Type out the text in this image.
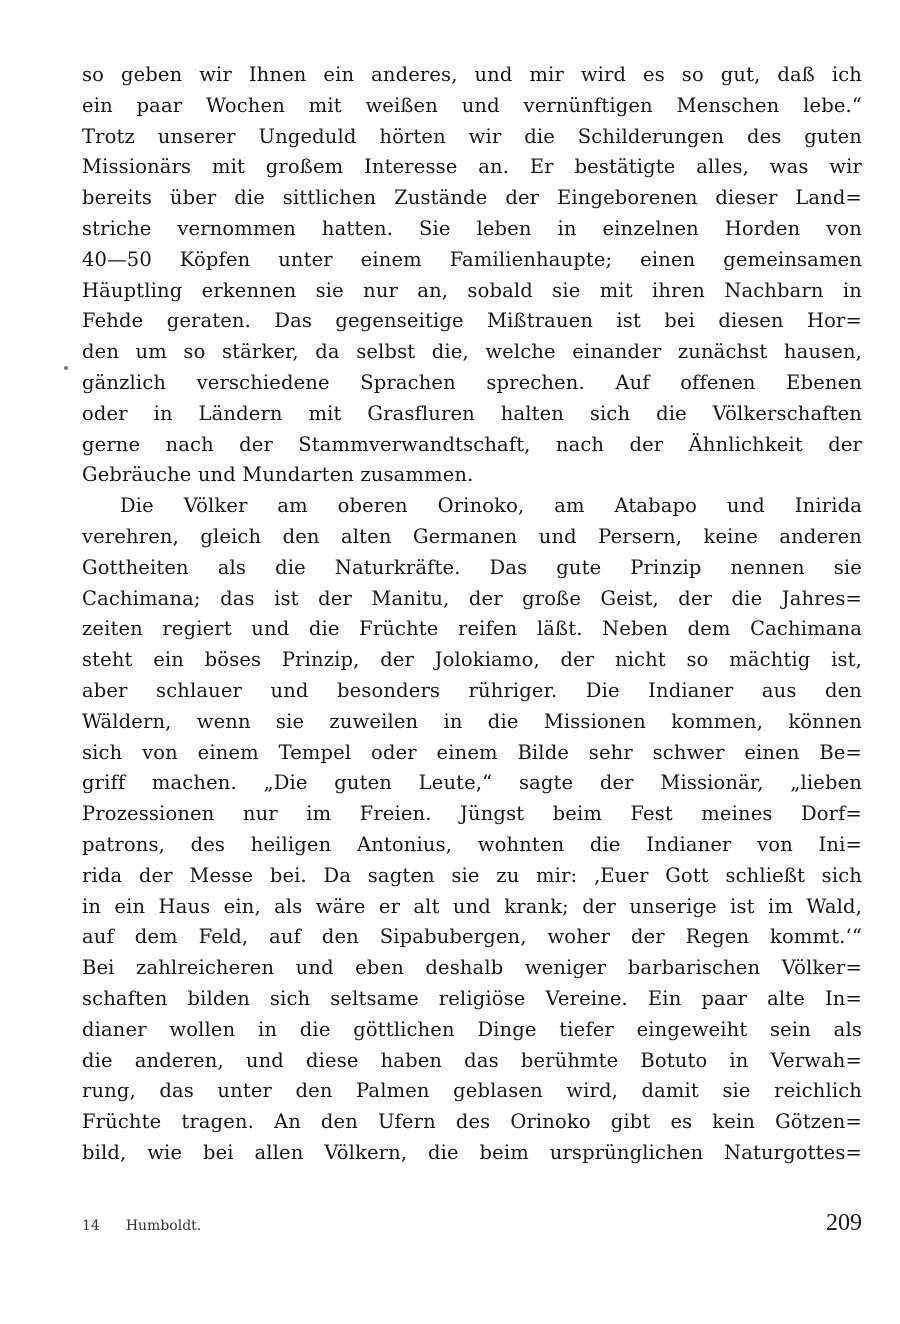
so geben wir Ihnen ein anderes, und mir wird es so gut, daß ich
ein paar Wochen mit weißen und vernünftigen Menschen lebe.“
Trotz unserer Ungeduld hörten wir die Schilderungen des guten
Missionärs mit großem Interesse an. Er bestätigte alles, was wir
bereits über die sittlichen Zustände der Eingeborenen dieser Land=
striche vernommen hatten. Sie leben in einzelnen Horden von
40—50 Köpfen unter einem Familienhaupte; einen gemeinsamen
Häuptling erkennen sie nur an, sobald sie mit ihren Nachbarn in
Fehde geraten. Das gegenseitige Mißtrauen ist bei diesen Hor=
den um so stärker, da selbst die, welche einander zunächst hausen,
gänzlich verschiedene Sprachen sprechen. Auf offenen Ebenen
oder in Ländern mit Grasfluren halten sich die Völkerschaften
gerne nach der Stammverwandtschaft, nach der Ähnlichkeit der
Gebräuche und Mundarten zusammen.
Die Völker am oberen Orinoko, am Atabapo und Inirida
verehren, gleich den alten Germanen und Persern, keine anderen
Gottheiten als die Naturkräfte. Das gute Prinzip nennen sie
Cachimana; das ist der Manitu, der große Geist, der die Jahres=
zeiten regiert und die Früchte reifen läßt. Neben dem Cachimana
steht ein böses Prinzip, der Jolokiamo, der nicht so mächtig ist,
aber schlauer und besonders rühriger. Die Indianer aus den
Wäldern, wenn sie zuweilen in die Missionen kommen, können
sich von einem Tempel oder einem Bilde sehr schwer einen Be=
griff machen. „Die guten Leute,“ sagte der Missionär, „lieben
Prozessionen nur im Freien. Jüngst beim Fest meines Dorf=
patrons, des heiligen Antonius, wohnten die Indianer von Ini=
rida der Messe bei. Da sagten sie zu mir: ‚Euer Gott schließt sich
in ein Haus ein, als wäre er alt und krank; der unserige ist im Wald,
auf dem Feld, auf den Sipabubergen, woher der Regen kommt.‘“
Bei zahlreicheren und eben deshalb weniger barbarischen Völker=
schaften bilden sich seltsame religiöse Vereine. Ein paar alte In=
dianer wollen in die göttlichen Dinge tiefer eingeweiht sein als
die anderen, und diese haben das berühmte Botuto in Verwah=
rung, das unter den Palmen geblasen wird, damit sie reichlich
Früchte tragen. An den Ufern des Orinoko gibt es kein Götzen=
bild, wie bei allen Völkern, die beim ursprünglichen Naturgottes=
14 Humboldt.	209
